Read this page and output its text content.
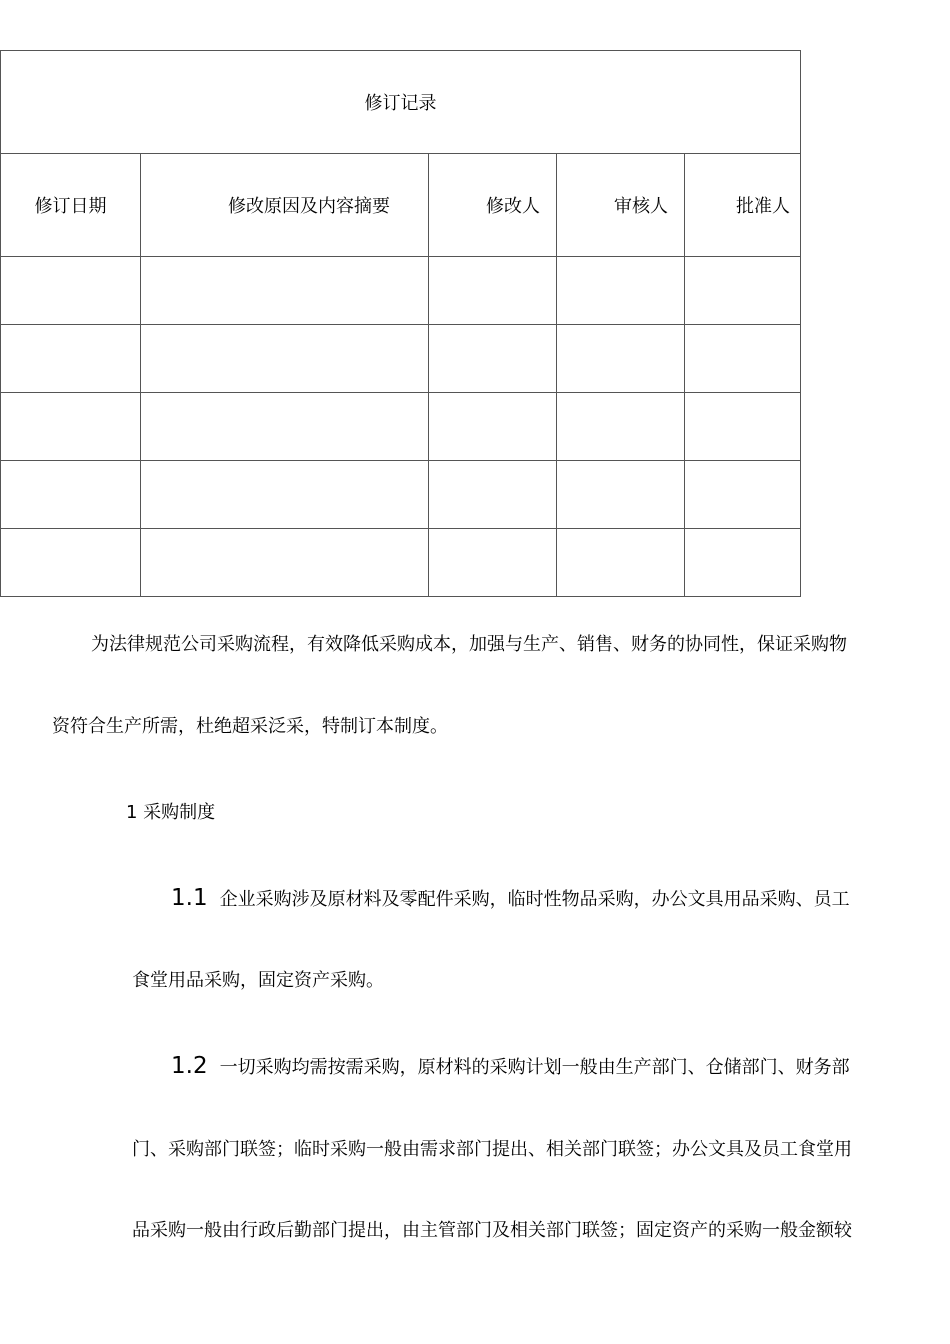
修订记录				
修订日期	修改原因及内容摘要	修改人	审核人	批准人

为法律规范公司采购流程，有效降低采购成本，加强与生产、销售、财务的协同性，保证采购物
资符合生产所需，杜绝超采泛采，特制订本制度。
1 采购制度
1.1 企业采购涉及原材料及零配件采购，临时性物品采购，办公文具用品采购、员工
食堂用品采购，固定资产采购。
1.2 一切采购均需按需采购，原材料的采购计划一般由生产部门、仓储部门、财务部
门、采购部门联签；临时采购一般由需求部门提出、相关部门联签；办公文具及员工食堂用
品采购一般由行政后勤部门提出，由主管部门及相关部门联签；固定资产的采购一般金额较
